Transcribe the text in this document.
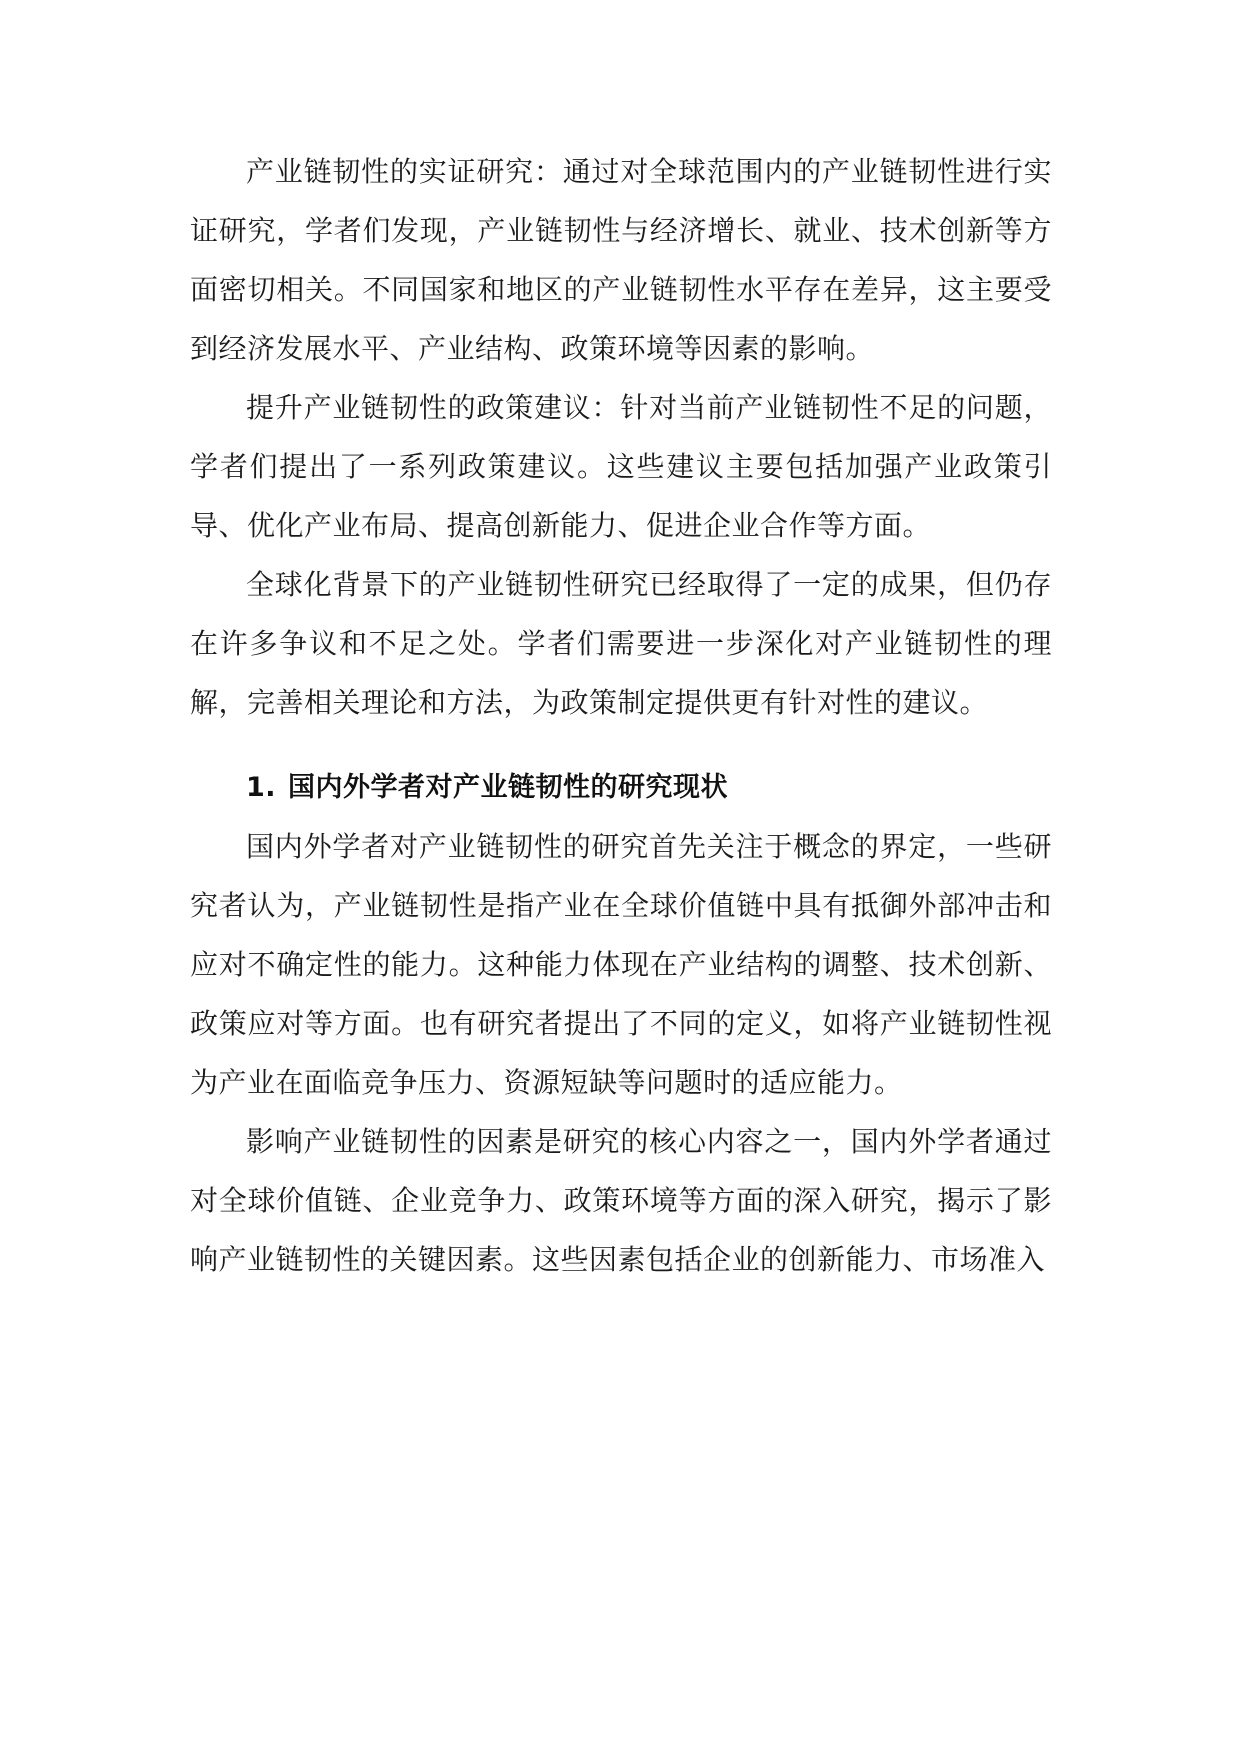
产业链韧性的实证研究：通过对全球范围内的产业链韧性进行实证研究，学者们发现，产业链韧性与经济增长、就业、技术创新等方面密切相关。不同国家和地区的产业链韧性水平存在差异，这主要受到经济发展水平、产业结构、政策环境等因素的影响。

提升产业链韧性的政策建议：针对当前产业链韧性不足的问题，学者们提出了一系列政策建议。这些建议主要包括加强产业政策引导、优化产业布局、提高创新能力、促进企业合作等方面。

全球化背景下的产业链韧性研究已经取得了一定的成果，但仍存在许多争议和不足之处。学者们需要进一步深化对产业链韧性的理解，完善相关理论和方法，为政策制定提供更有针对性的建议。

1. 国内外学者对产业链韧性的研究现状

国内外学者对产业链韧性的研究首先关注于概念的界定，一些研究者认为，产业链韧性是指产业在全球价值链中具有抵御外部冲击和应对不确定性的能力。这种能力体现在产业结构的调整、技术创新、政策应对等方面。也有研究者提出了不同的定义，如将产业链韧性视为产业在面临竞争压力、资源短缺等问题时的适应能力。

影响产业链韧性的因素是研究的核心内容之一，国内外学者通过对全球价值链、企业竞争力、政策环境等方面的深入研究，揭示了影响产业链韧性的关键因素。这些因素包括企业的创新能力、市场准入
